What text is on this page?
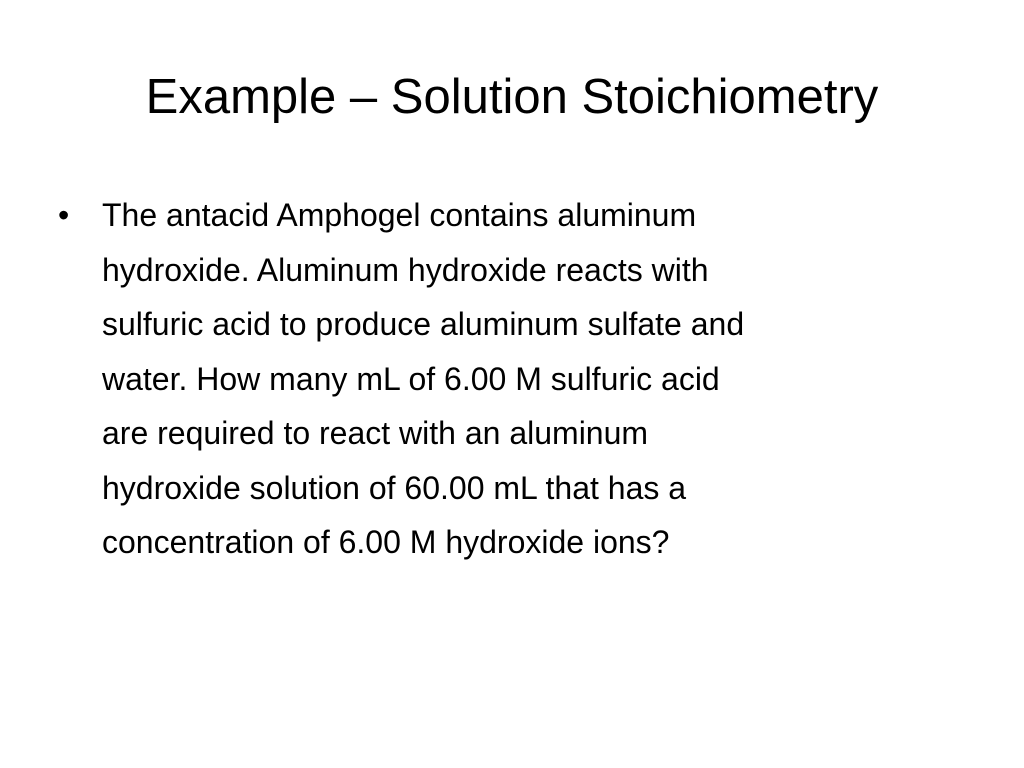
Example – Solution Stoichiometry
• The antacid Amphogel contains aluminum
hydroxide. Aluminum hydroxide reacts with
sulfuric acid to produce aluminum sulfate and
water. How many mL of 6.00 M sulfuric acid
are required to react with an aluminum
hydroxide solution of 60.00 mL that has a
concentration of 6.00 M hydroxide ions?
